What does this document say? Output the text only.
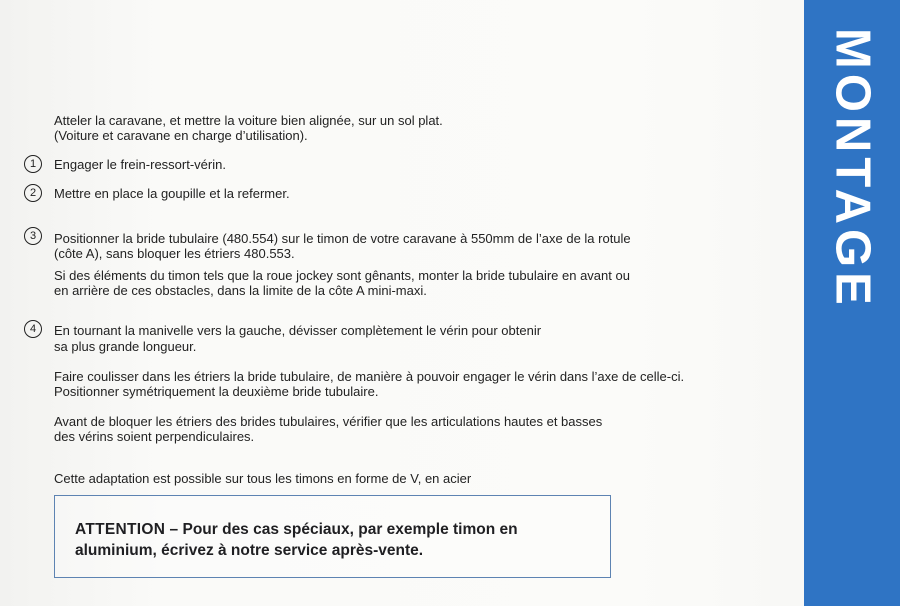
MONTAGE
Atteler la caravane, et mettre la voiture bien alignée, sur un sol plat.
(Voiture et caravane en charge d’utilisation).
1	Engager le frein-ressort-vérin.
2	Mettre en place la goupille et la refermer.
3	Positionner la bride tubulaire (480.554) sur le timon de votre caravane à 550mm de l’axe de la rotule
(côte A), sans bloquer les étriers 480.553.
Si des éléments du timon tels que la roue jockey sont gênants, monter la bride tubulaire en avant ou
en arrière de ces obstacles, dans la limite de la côte A mini-maxi.
4	En tournant la manivelle vers la gauche, dévisser complètement le vérin pour obtenir
sa plus grande longueur.
Faire coulisser dans les étriers la bride tubulaire, de manière à pouvoir engager le vérin dans l’axe de celle-ci.
Positionner symétriquement la deuxième bride tubulaire.
Avant de bloquer les étriers des brides tubulaires, vérifier que les articulations hautes et basses
des vérins soient perpendiculaires.
Cette adaptation est possible sur tous les timons en forme de V, en acier
ATTENTION – Pour des cas spéciaux, par exemple timon en aluminium, écrivez à notre service après-vente.
